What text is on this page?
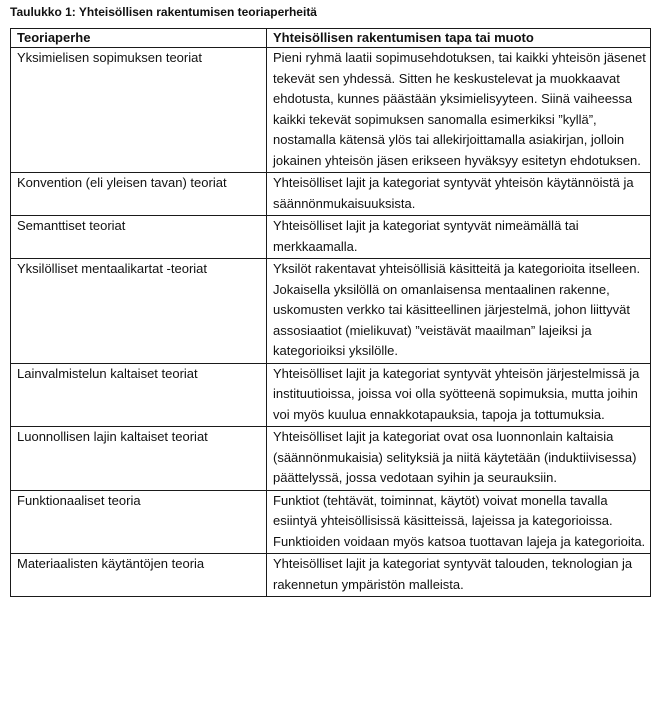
Taulukko 1: Yhteisöllisen rakentumisen teoriaperheitä
Teoriaperhe	Yhteisöllisen rakentumisen tapa tai muoto
Yksimielisen sopimuksen teoriat	Pieni ryhmä laatii sopimusehdotuksen, tai kaikki yhteisön jäsenet tekevät sen yhdessä. Sitten he keskustelevat ja muokkaavat ehdotusta, kunnes päästään yksimielisyyteen. Siinä vaiheessa kaikki tekevät sopimuksen sanomalla esimerkiksi ”kyllä”, nostamalla kätensä ylös tai allekirjoittamalla asiakirjan, jolloin jokainen yhteisön jäsen erikseen hyväksyy esitetyn ehdotuksen.
Konvention (eli yleisen tavan) teoriat	Yhteisölliset lajit ja kategoriat syntyvät yhteisön käytännöistä ja säännönmukaisuuksista.
Semanttiset teoriat	Yhteisölliset lajit ja kategoriat syntyvät nimeämällä tai merkkaamalla.
Yksilölliset mentaalikartat -teoriat	Yksilöt rakentavat yhteisöllisiä käsitteitä ja kategorioita itselleen. Jokaisella yksilöllä on omanlaisensa mentaalinen rakenne, uskomusten verkko tai käsitteellinen järjestelmä, johon liittyvät assosiaatiot (mielikuvat) ”veistävät maailman” lajeiksi ja kategorioiksi yksilölle.
Lainvalmistelun kaltaiset teoriat	Yhteisölliset lajit ja kategoriat syntyvät yhteisön järjestelmissä ja instituutioissa, joissa voi olla syötteenä sopimuksia, mutta joihin voi myös kuulua ennakkotapauksia, tapoja ja tottumuksia.
Luonnollisen lajin kaltaiset teoriat	Yhteisölliset lajit ja kategoriat ovat osa luonnonlain kaltaisia (säännönmukaisia) selityksiä ja niitä käytetään (induktiivisessa) päättelyssä, jossa vedotaan syihin ja seurauksiin.
Funktionaaliset teoria	Funktiot (tehtävät, toiminnat, käytöt) voivat monella tavalla esiintyä yhteisöllisissä käsitteissä, lajeissa ja kategorioissa. Funktioiden voidaan myös katsoa tuottavan lajeja ja kategorioita.
Materiaalisten käytäntöjen teoria	Yhteisölliset lajit ja kategoriat syntyvät talouden, teknologian ja rakennetun ympäristön malleista.
